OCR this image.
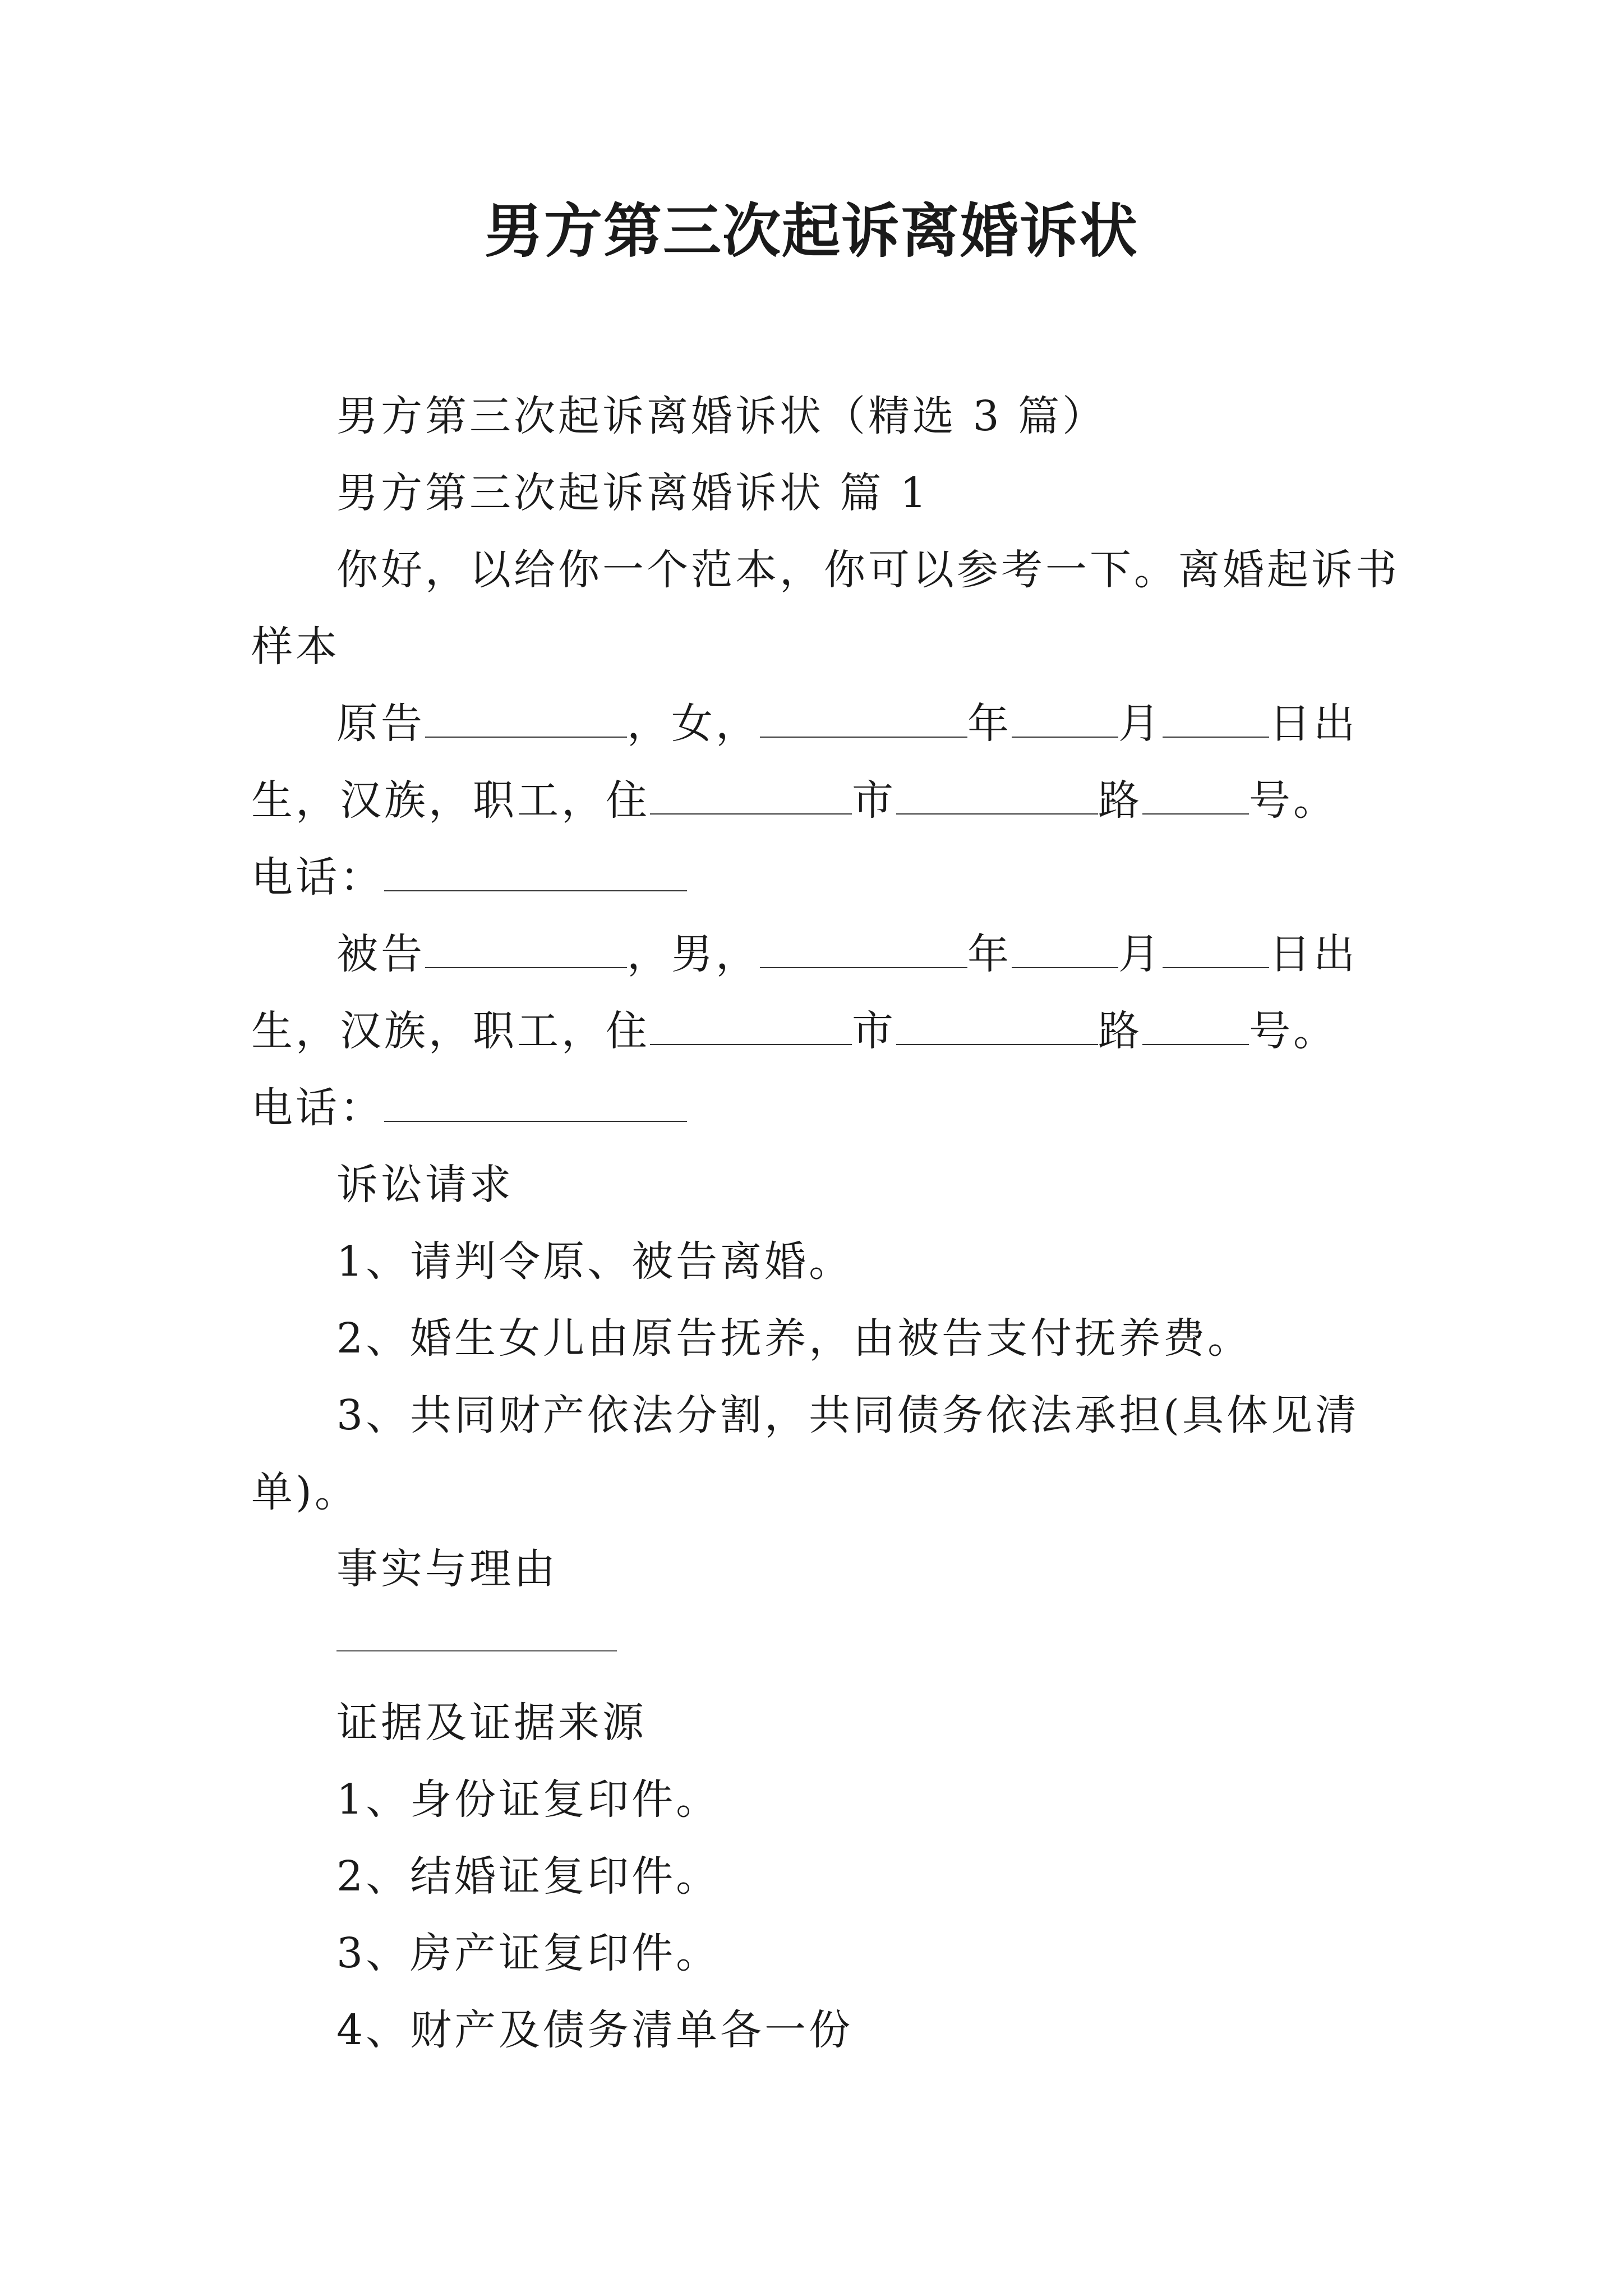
男方第三次起诉离婚诉状
男方第三次起诉离婚诉状（精选 3 篇）
男方第三次起诉离婚诉状 篇 1
你好，以给你一个范本，你可以参考一下。离婚起诉书
样本
原告	，女，	年	月	日出
生，汉族，职工，住	市	路	号。
电话：
被告	，男，	年	月	日出
生，汉族，职工，住	市	路	号。
电话：
诉讼请求
1、请判令原、被告离婚。
2、婚生女儿由原告抚养，由被告支付抚养费。
3、共同财产依法分割，共同债务依法承担(具体见清
单)。
事实与理由
证据及证据来源
1、身份证复印件。
2、结婚证复印件。
3、房产证复印件。
4、财产及债务清单各一份
